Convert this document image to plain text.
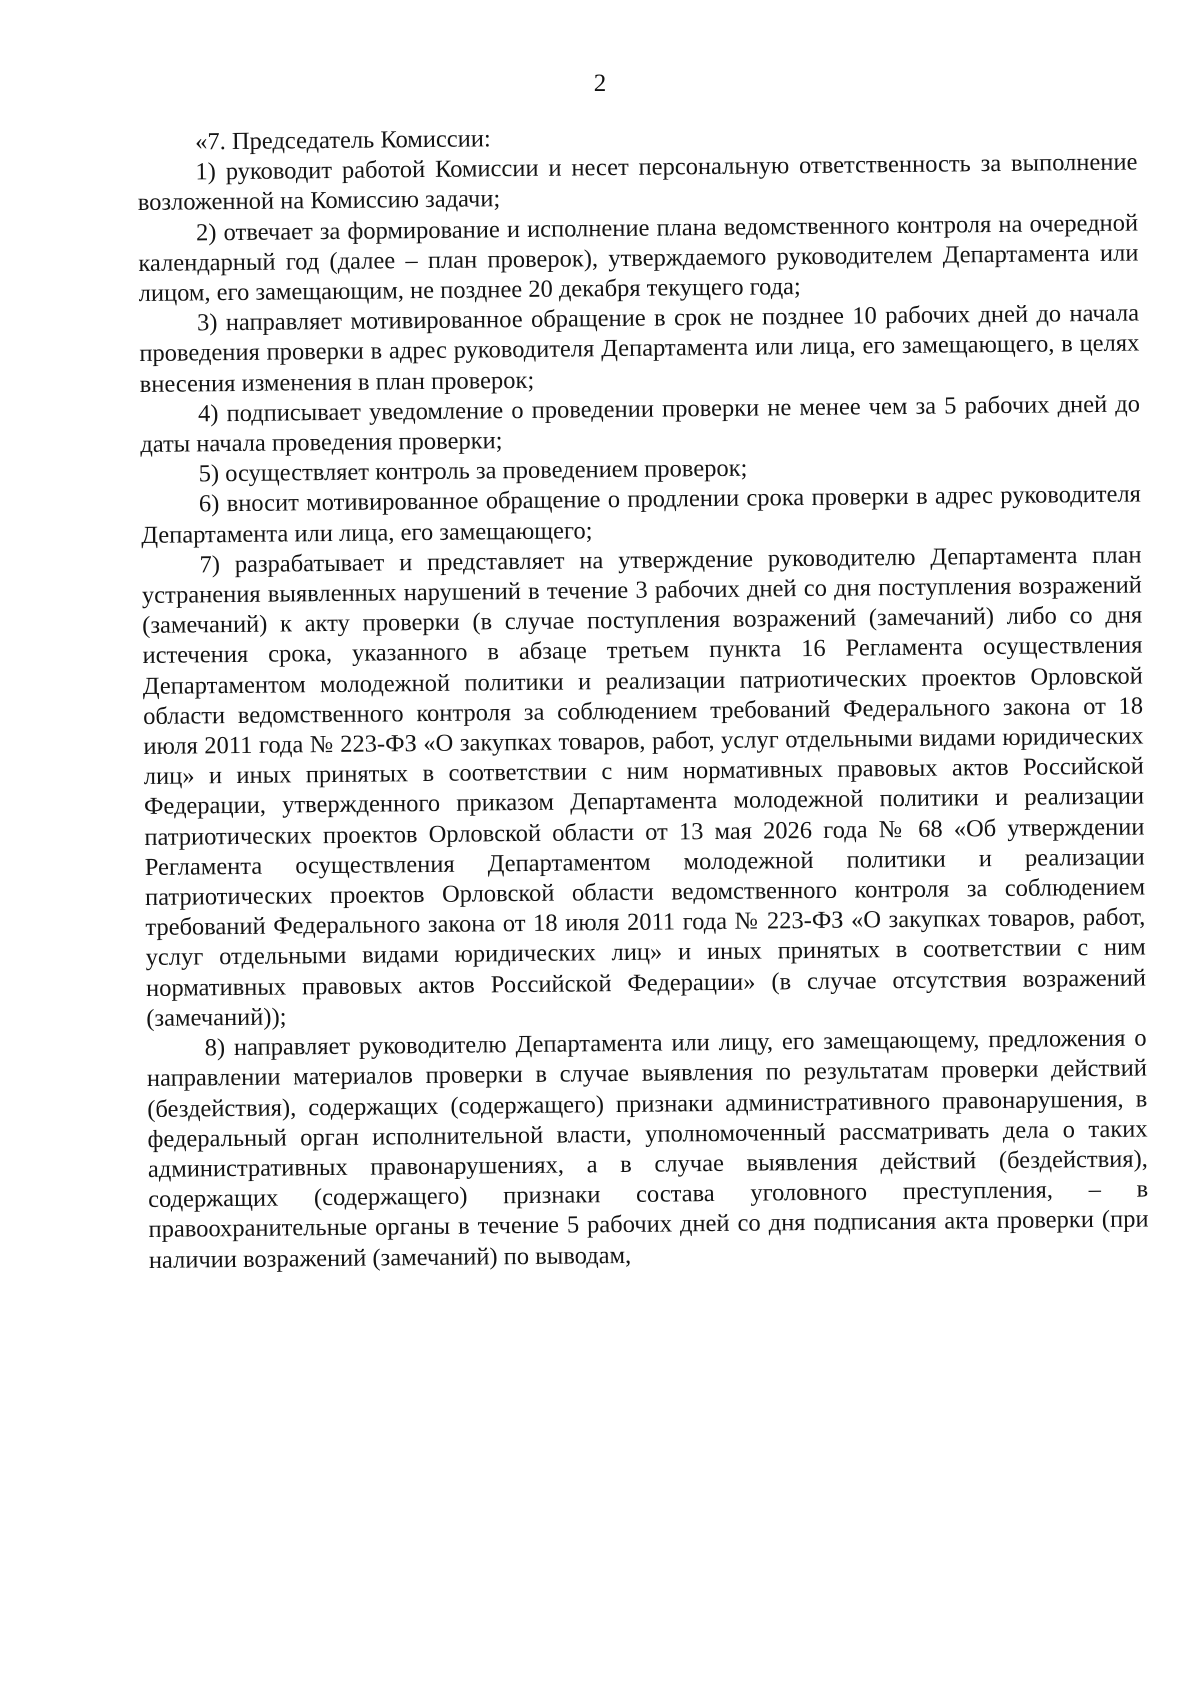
2

«7. Председатель Комиссии:

1) руководит работой Комиссии и несет персональную ответственность за выполнение возложенной на Комиссию задачи;

2) отвечает за формирование и исполнение плана ведомственного контроля на очередной календарный год (далее – план проверок), утверждаемого руководителем Департамента или лицом, его замещающим, не позднее 20 декабря текущего года;

3) направляет мотивированное обращение в срок не позднее 10 рабочих дней до начала проведения проверки в адрес руководителя Департамента или лица, его замещающего, в целях внесения изменения в план проверок;

4) подписывает уведомление о проведении проверки не менее чем за 5 рабочих дней до даты начала проведения проверки;

5) осуществляет контроль за проведением проверок;

6) вносит мотивированное обращение о продлении срока проверки в адрес руководителя Департамента или лица, его замещающего;

7) разрабатывает и представляет на утверждение руководителю Департамента план устранения выявленных нарушений в течение 3 рабочих дней со дня поступления возражений (замечаний) к акту проверки (в случае поступления возражений (замечаний) либо со дня истечения срока, указанного в абзаце третьем пункта 16 Регламента осуществления Департаментом молодежной политики и реализации патриотических проектов Орловской области ведомственного контроля за соблюдением требований Федерального закона от 18 июля 2011 года № 223-ФЗ «О закупках товаров, работ, услуг отдельными видами юридических лиц» и иных принятых в соответствии с ним нормативных правовых актов Российской Федерации, утвержденного приказом Департамента молодежной политики и реализации патриотических проектов Орловской области от 13 мая 2026 года № 68 «Об утверждении Регламента осуществления Департаментом молодежной политики и реализации патриотических проектов Орловской области ведомственного контроля за соблюдением требований Федерального закона от 18 июля 2011 года № 223-ФЗ «О закупках товаров, работ, услуг отдельными видами юридических лиц» и иных принятых в соответствии с ним нормативных правовых актов Российской Федерации» (в случае отсутствия возражений (замечаний));

8) направляет руководителю Департамента или лицу, его замещающему, предложения о направлении материалов проверки в случае выявления по результатам проверки действий (бездействия), содержащих (содержащего) признаки административного правонарушения, в федеральный орган исполнительной власти, уполномоченный рассматривать дела о таких административных правонарушениях, а в случае выявления действий (бездействия), содержащих (содержащего) признаки состава уголовного преступления, – в правоохранительные органы в течение 5 рабочих дней со дня подписания акта проверки (при наличии возражений (замечаний) по выводам,
